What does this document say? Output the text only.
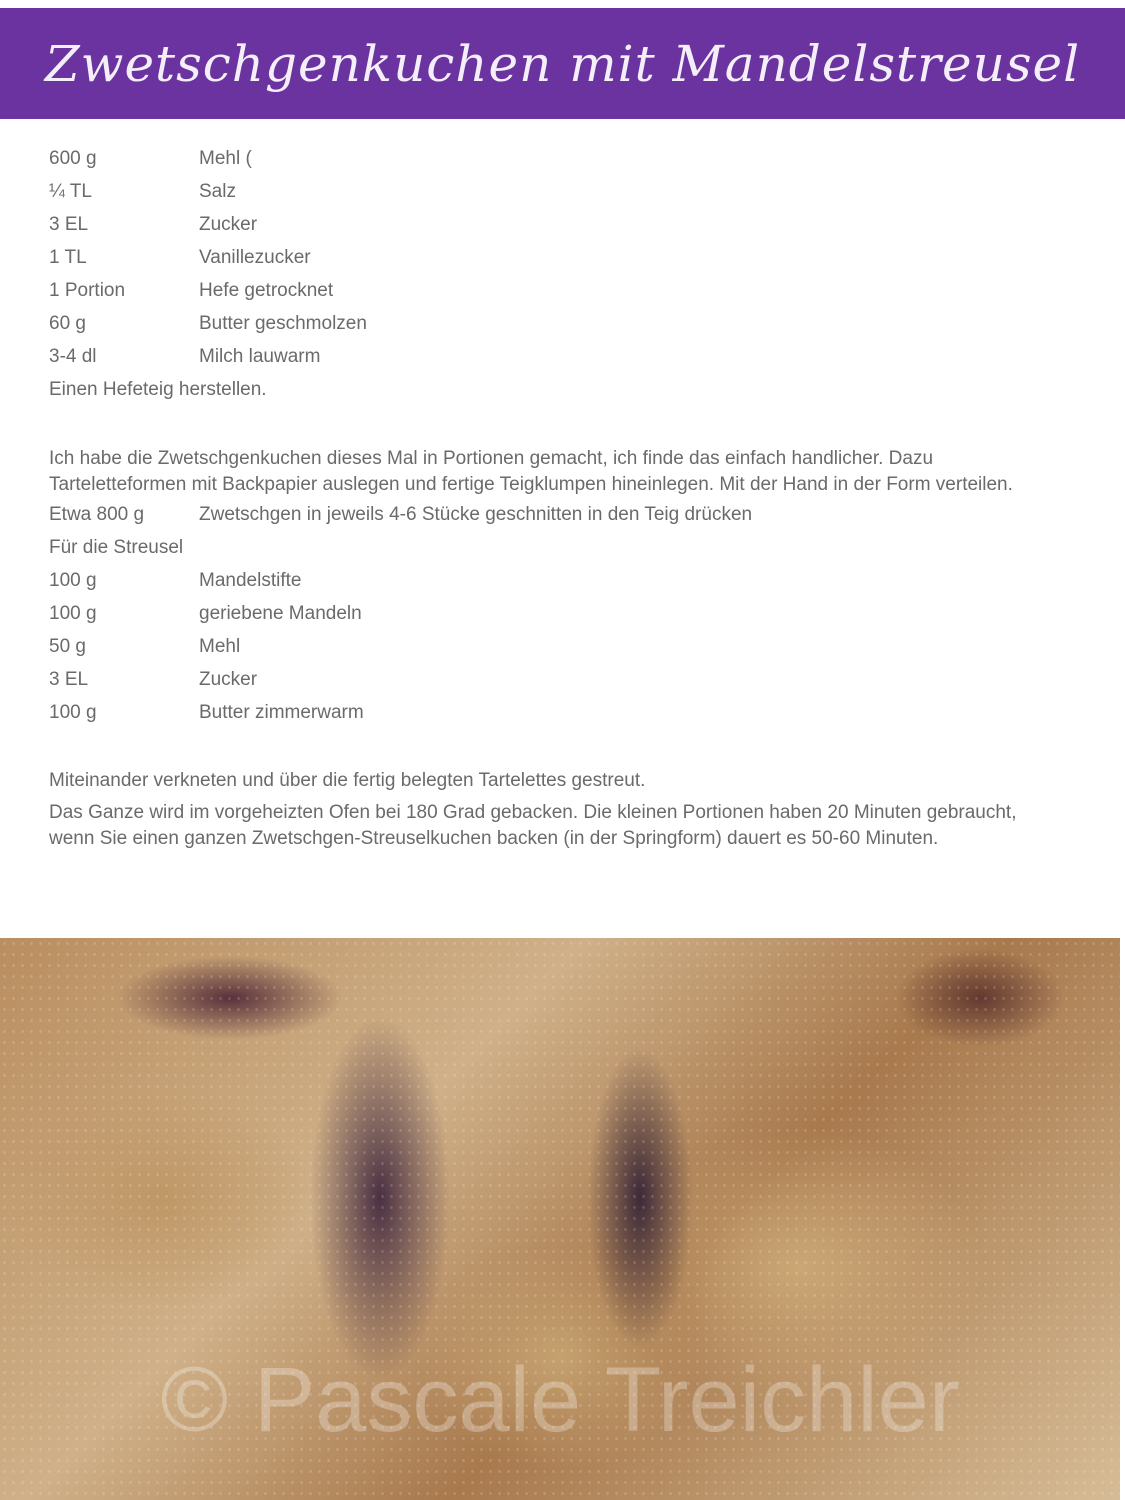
Zwetschgenkuchen mit Mandelstreusel
600 g	Mehl (
¼ TL	Salz
3 EL	Zucker
1 TL	Vanillezucker
1 Portion	Hefe getrocknet
60 g	Butter geschmolzen
3-4 dl	Milch lauwarm
Einen Hefeteig herstellen.

Ich habe die Zwetschgenkuchen dieses Mal in Portionen gemacht, ich finde das einfach handlicher. Dazu Tarteletteformen mit Backpapier auslegen und fertige Teigklumpen hineinlegen. Mit der Hand in der Form verteilen.

Etwa 800 g	Zwetschgen in jeweils 4-6 Stücke geschnitten in den Teig drücken
Für die Streusel
100 g	Mandelstifte
100 g	geriebene Mandeln
50 g	Mehl
3 EL	Zucker
100 g	Butter zimmerwarm
Miteinander verkneten und über die fertig belegten Tartelettes gestreut.

Das Ganze wird im vorgeheizten Ofen bei 180 Grad gebacken. Die kleinen Portionen haben 20 Minuten gebraucht, wenn Sie einen ganzen Zwetschgen-Streuselkuchen backen (in der Springform) dauert es 50-60 Minuten.

© Pascale Treichler
